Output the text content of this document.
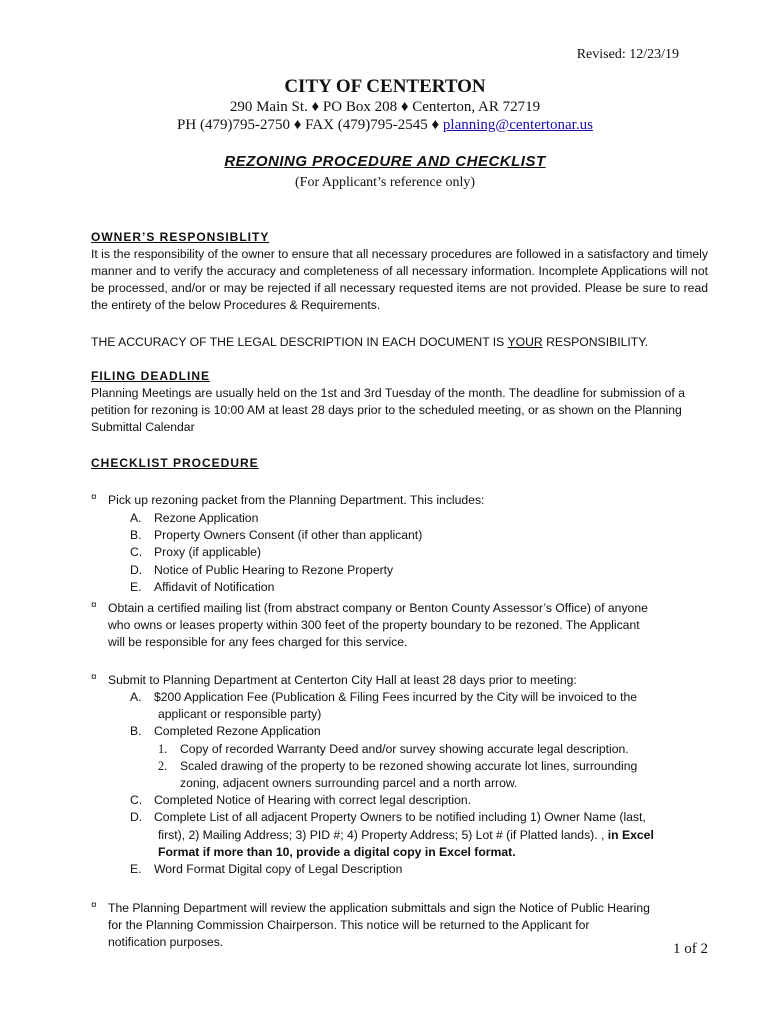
Revised: 12/23/19
CITY OF CENTERTON
290 Main St. ♦ PO Box 208 ♦ Centerton, AR 72719
PH (479)795-2750 ♦ FAX (479)795-2545 ♦ planning@centertonar.us
REZONING PROCEDURE AND CHECKLIST
(For Applicant’s reference only)
OWNER’S RESPONSIBLITY
It is the responsibility of the owner to ensure that all necessary procedures are followed in a satisfactory and timely manner and to verify the accuracy and completeness of all necessary information. Incomplete Applications will not be processed, and/or or may be rejected if all necessary requested items are not provided. Please be sure to read the entirety of the below Procedures & Requirements.
THE ACCURACY OF THE LEGAL DESCRIPTION IN EACH DOCUMENT IS YOUR RESPONSIBILITY.
FILING DEADLINE
Planning Meetings are usually held on the 1st and 3rd Tuesday of the month. The deadline for submission of a petition for rezoning is 10:00 AM at least 28 days prior to the scheduled meeting, or as shown on the Planning Submittal Calendar
CHECKLIST PROCEDURE
¤ Pick up rezoning packet from the Planning Department. This includes:
A. Rezone Application
B. Property Owners Consent (if other than applicant)
C. Proxy (if applicable)
D. Notice of Public Hearing to Rezone Property
E. Affidavit of Notification
¤ Obtain a certified mailing list (from abstract company or Benton County Assessor’s Office) of anyone
who owns or leases property within 300 feet of the property boundary to be rezoned. The Applicant
will be responsible for any fees charged for this service.
¤ Submit to Planning Department at Centerton City Hall at least 28 days prior to meeting:
A. $200 Application Fee (Publication & Filing Fees incurred by the City will be invoiced to the
applicant or responsible party)
B. Completed Rezone Application
1. Copy of recorded Warranty Deed and/or survey showing accurate legal description.
2. Scaled drawing of the property to be rezoned showing accurate lot lines, surrounding
zoning, adjacent owners surrounding parcel and a north arrow.
C. Completed Notice of Hearing with correct legal description.
D. Complete List of all adjacent Property Owners to be notified including 1) Owner Name (last,
first), 2) Mailing Address; 3) PID #; 4) Property Address; 5) Lot # (if Platted lands). , in Excel
Format if more than 10, provide a digital copy in Excel format.
E. Word Format Digital copy of Legal Description
¤ The Planning Department will review the application submittals and sign the Notice of Public Hearing
for the Planning Commission Chairperson. This notice will be returned to the Applicant for
notification purposes.	1 of 2
